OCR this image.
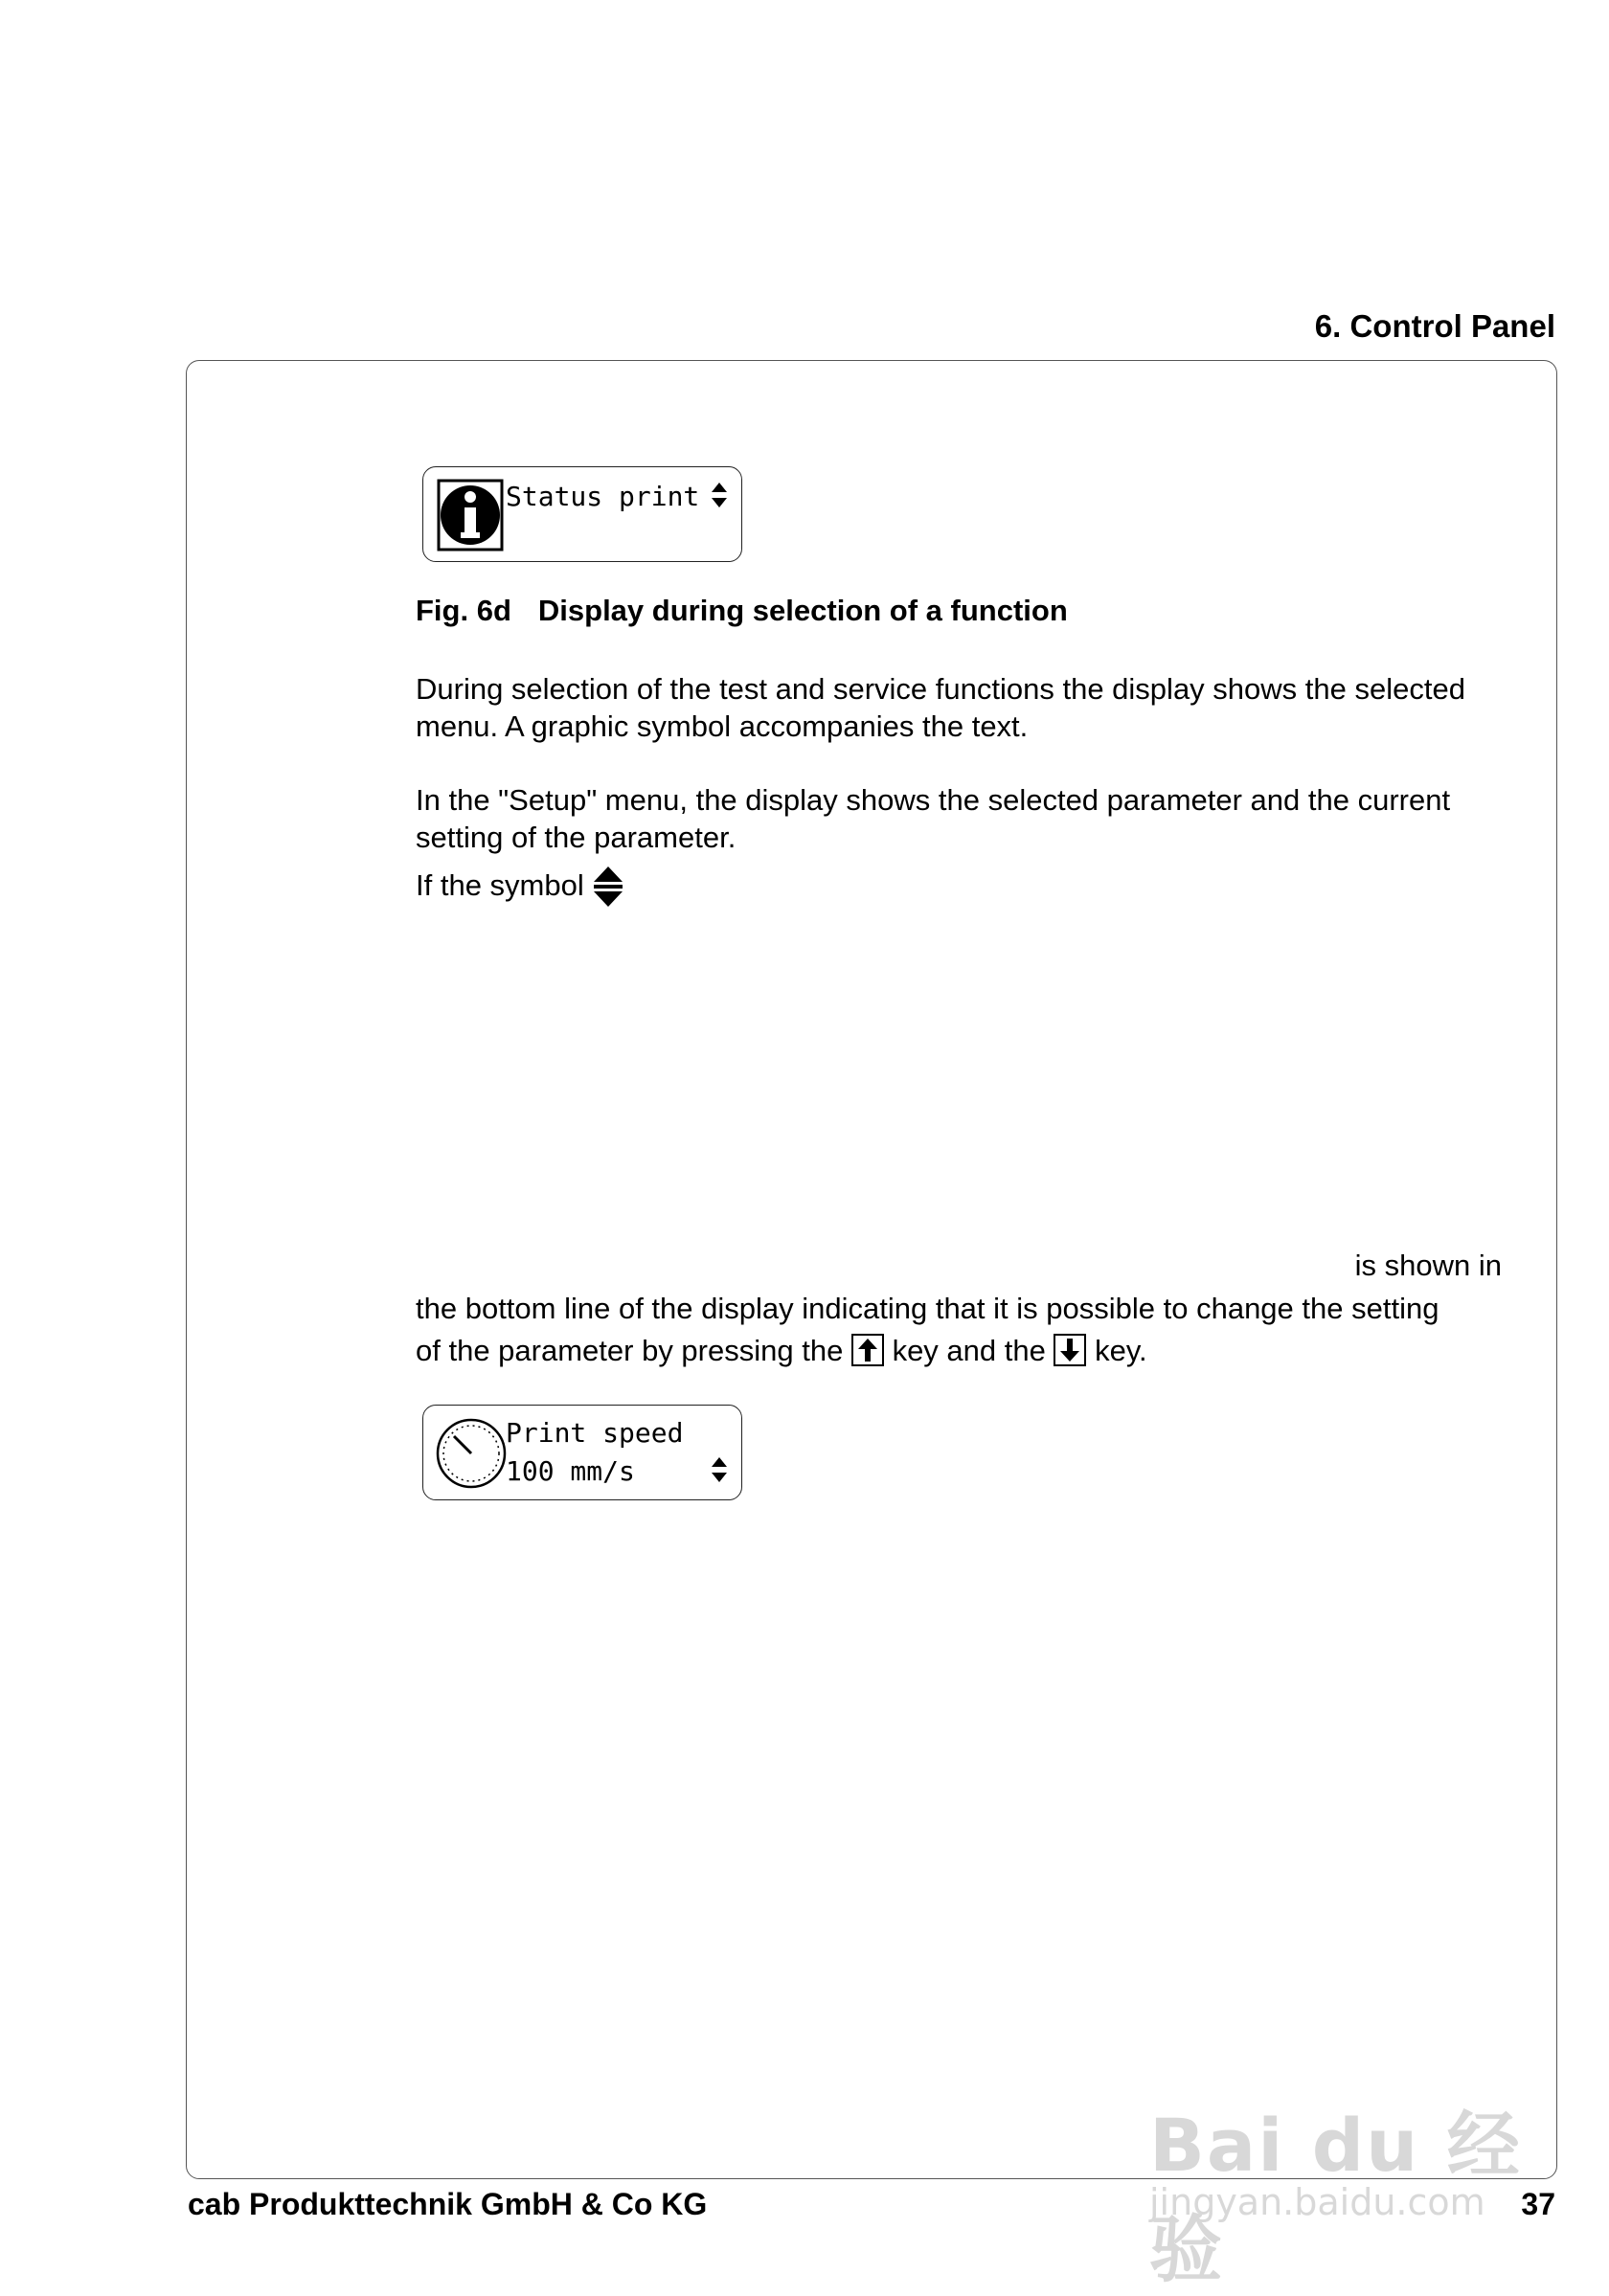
6. Control Panel
Status print
Fig. 6d Display during selection of a function
During selection of the test and service functions the display shows the selected menu. A graphic symbol accompanies the text.
In the "Setup" menu, the display shows the selected parameter and the current setting of the parameter.
If the symbol
is shown in
the bottom line of the display indicating that it is possible to change the setting
of the parameter by pressing the key and the key.
Print speed
100 mm/s
Bai du 经验
jingyan.baidu.com
cab Produkttechnik GmbH & Co KG	37
